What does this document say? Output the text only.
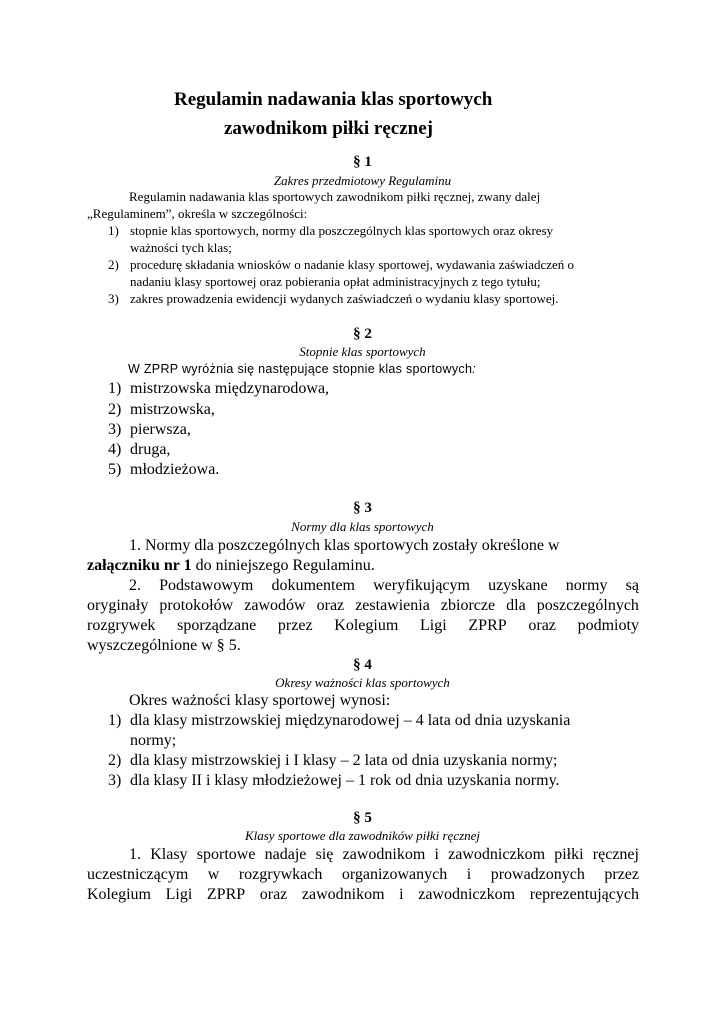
Regulamin nadawania klas sportowych
zawodnikom piłki ręcznej
§ 1
Zakres przedmiotowy Regulaminu
Regulamin nadawania klas sportowych zawodnikom piłki ręcznej, zwany dalej
„Regulaminem”, określa w szczególności:
1) stopnie klas sportowych, normy dla poszczególnych klas sportowych oraz okresy
ważności tych klas;
2) procedurę składania wniosków o nadanie klasy sportowej, wydawania zaświadczeń o
nadaniu klasy sportowej oraz pobierania opłat administracyjnych z tego tytułu;
3) zakres prowadzenia ewidencji wydanych zaświadczeń o wydaniu klasy sportowej.
§ 2
Stopnie klas sportowych
W ZPRP wyróżnia się następujące stopnie klas sportowych:
1) mistrzowska międzynarodowa,
2) mistrzowska,
3) pierwsza,
4) druga,
5) młodzieżowa.
§ 3
Normy dla klas sportowych
1. Normy dla poszczególnych klas sportowych zostały określone w
załączniku nr 1 do niniejszego Regulaminu.
2. Podstawowym dokumentem weryfikującym uzyskane normy są
oryginały protokołów zawodów oraz zestawienia zbiorcze dla poszczególnych
rozgrywek sporządzane przez Kolegium Ligi ZPRP oraz podmioty
wyszczególnione w § 5.
§ 4
Okresy ważności klas sportowych
Okres ważności klasy sportowej wynosi:
1) dla klasy mistrzowskiej międzynarodowej – 4 lata od dnia uzyskania
normy;
2) dla klasy mistrzowskiej i I klasy – 2 lata od dnia uzyskania normy;
3) dla klasy II i klasy młodzieżowej – 1 rok od dnia uzyskania normy.
§ 5
Klasy sportowe dla zawodników piłki ręcznej
1. Klasy sportowe nadaje się zawodnikom i zawodniczkom piłki ręcznej
uczestniczącym w rozgrywkach organizowanych i prowadzonych przez
Kolegium Ligi ZPRP oraz zawodnikom i zawodniczkom reprezentujących
